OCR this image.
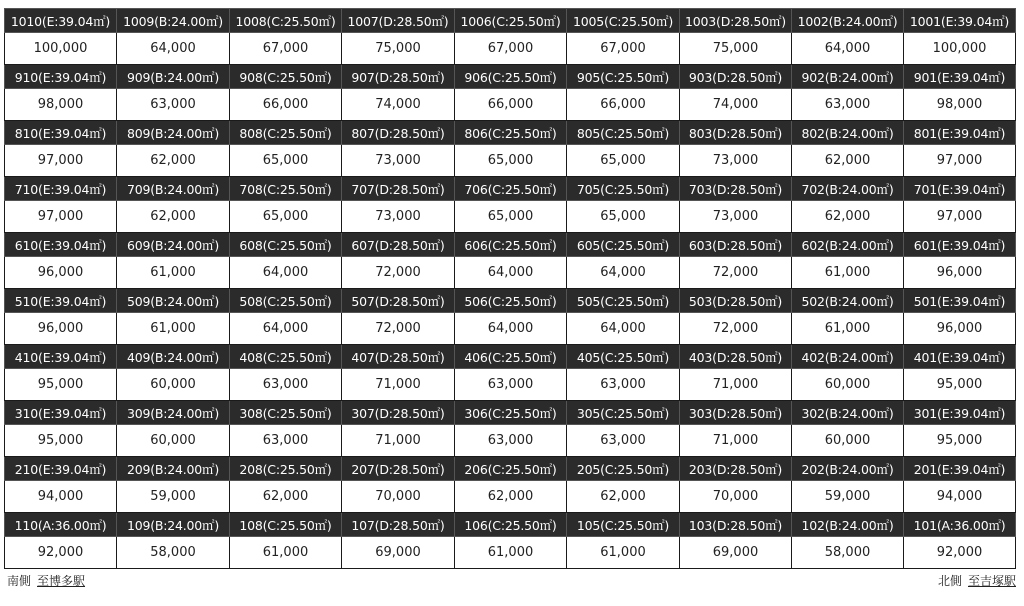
1010(E:39.04㎡)	1009(B:24.00㎡)	1008(C:25.50㎡)	1007(D:28.50㎡)	1006(C:25.50㎡)	1005(C:25.50㎡)	1003(D:28.50㎡)	1002(B:24.00㎡)	1001(E:39.04㎡)
100,000	64,000	67,000	75,000	67,000	67,000	75,000	64,000	100,000
910(E:39.04㎡)	909(B:24.00㎡)	908(C:25.50㎡)	907(D:28.50㎡)	906(C:25.50㎡)	905(C:25.50㎡)	903(D:28.50㎡)	902(B:24.00㎡)	901(E:39.04㎡)
98,000	63,000	66,000	74,000	66,000	66,000	74,000	63,000	98,000
810(E:39.04㎡)	809(B:24.00㎡)	808(C:25.50㎡)	807(D:28.50㎡)	806(C:25.50㎡)	805(C:25.50㎡)	803(D:28.50㎡)	802(B:24.00㎡)	801(E:39.04㎡)
97,000	62,000	65,000	73,000	65,000	65,000	73,000	62,000	97,000
710(E:39.04㎡)	709(B:24.00㎡)	708(C:25.50㎡)	707(D:28.50㎡)	706(C:25.50㎡)	705(C:25.50㎡)	703(D:28.50㎡)	702(B:24.00㎡)	701(E:39.04㎡)
97,000	62,000	65,000	73,000	65,000	65,000	73,000	62,000	97,000
610(E:39.04㎡)	609(B:24.00㎡)	608(C:25.50㎡)	607(D:28.50㎡)	606(C:25.50㎡)	605(C:25.50㎡)	603(D:28.50㎡)	602(B:24.00㎡)	601(E:39.04㎡)
96,000	61,000	64,000	72,000	64,000	64,000	72,000	61,000	96,000
510(E:39.04㎡)	509(B:24.00㎡)	508(C:25.50㎡)	507(D:28.50㎡)	506(C:25.50㎡)	505(C:25.50㎡)	503(D:28.50㎡)	502(B:24.00㎡)	501(E:39.04㎡)
96,000	61,000	64,000	72,000	64,000	64,000	72,000	61,000	96,000
410(E:39.04㎡)	409(B:24.00㎡)	408(C:25.50㎡)	407(D:28.50㎡)	406(C:25.50㎡)	405(C:25.50㎡)	403(D:28.50㎡)	402(B:24.00㎡)	401(E:39.04㎡)
95,000	60,000	63,000	71,000	63,000	63,000	71,000	60,000	95,000
310(E:39.04㎡)	309(B:24.00㎡)	308(C:25.50㎡)	307(D:28.50㎡)	306(C:25.50㎡)	305(C:25.50㎡)	303(D:28.50㎡)	302(B:24.00㎡)	301(E:39.04㎡)
95,000	60,000	63,000	71,000	63,000	63,000	71,000	60,000	95,000
210(E:39.04㎡)	209(B:24.00㎡)	208(C:25.50㎡)	207(D:28.50㎡)	206(C:25.50㎡)	205(C:25.50㎡)	203(D:28.50㎡)	202(B:24.00㎡)	201(E:39.04㎡)
94,000	59,000	62,000	70,000	62,000	62,000	70,000	59,000	94,000
110(A:36.00㎡)	109(B:24.00㎡)	108(C:25.50㎡)	107(D:28.50㎡)	106(C:25.50㎡)	105(C:25.50㎡)	103(D:28.50㎡)	102(B:24.00㎡)	101(A:36.00㎡)
92,000	58,000	61,000	69,000	61,000	61,000	69,000	58,000	92,000
南側 至博多駅	北側 至吉塚駅
